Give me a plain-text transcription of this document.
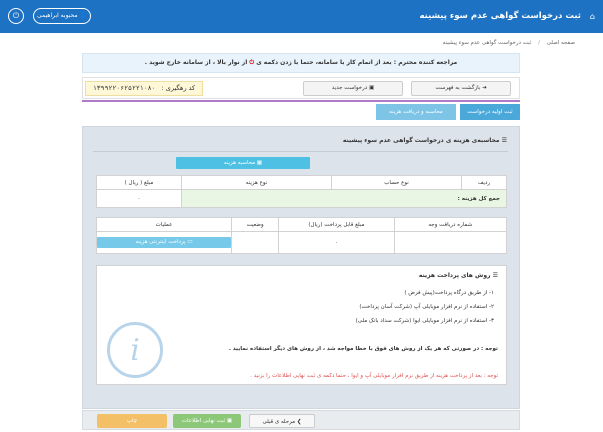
⌂
ثبت درخواست گواهی عدم سوء پیشینه
👤 محبوبه ابراهیمی
⏻
صفحه اصلی / ثبت درخواست گواهی عدم سوء پیشینه
مراجعه کننده محترم : بعد از اتمام کار با سامانه، حتما با زدن دکمه ی ⏻ از نوار بالا ، از سامانه خارج شوید .
➜ بازگشت به فهرست
▣ درخواست جدید
کد رهگیری : ۱۳۹۹۲۲۰۶۲۵۲۲۱۰۸۰
ثبت اولیه درخواست
محاسبه و دریافت هزینه
☰ محاسبه‌ی هزینه ی درخواست گواهی عدم سوء پیشینه
▦ محاسبه هزینه
ردیف	نوع حساب	نوع هزینه	مبلغ ( ریال )
جمع کل هزینه :			۰
شماره دریافت وجه	مبلغ قابل پرداخت (ریال)	وضعیت	عملیات
	۰		▭ پرداخت اینترنتی هزینه
☰ روش های پرداخت هزینه
۱- از طریق درگاه پرداخت(پیش فرض )
۲- استفاده از نرم افزار موبایلی آپ (شرکت آسان پرداخت)
۳- استفاده از نرم افزار موبایلی ایوا (شرکت سداد بانک ملی)
توجه : در صورتی که هر یک از روش های فوق با خطا مواجه شد ، از روش های دیگر استفاده نمایید .
توجه : بعد از پرداخت هزینه از طریق نرم افزار موبایلی آپ و ایوا ، حتما دکمه ی ثبت نهایی اطلاعات را بزنید .
i
❯ مرحله ی قبلی
▣ ثبت نهایی اطلاعات
چاپ
